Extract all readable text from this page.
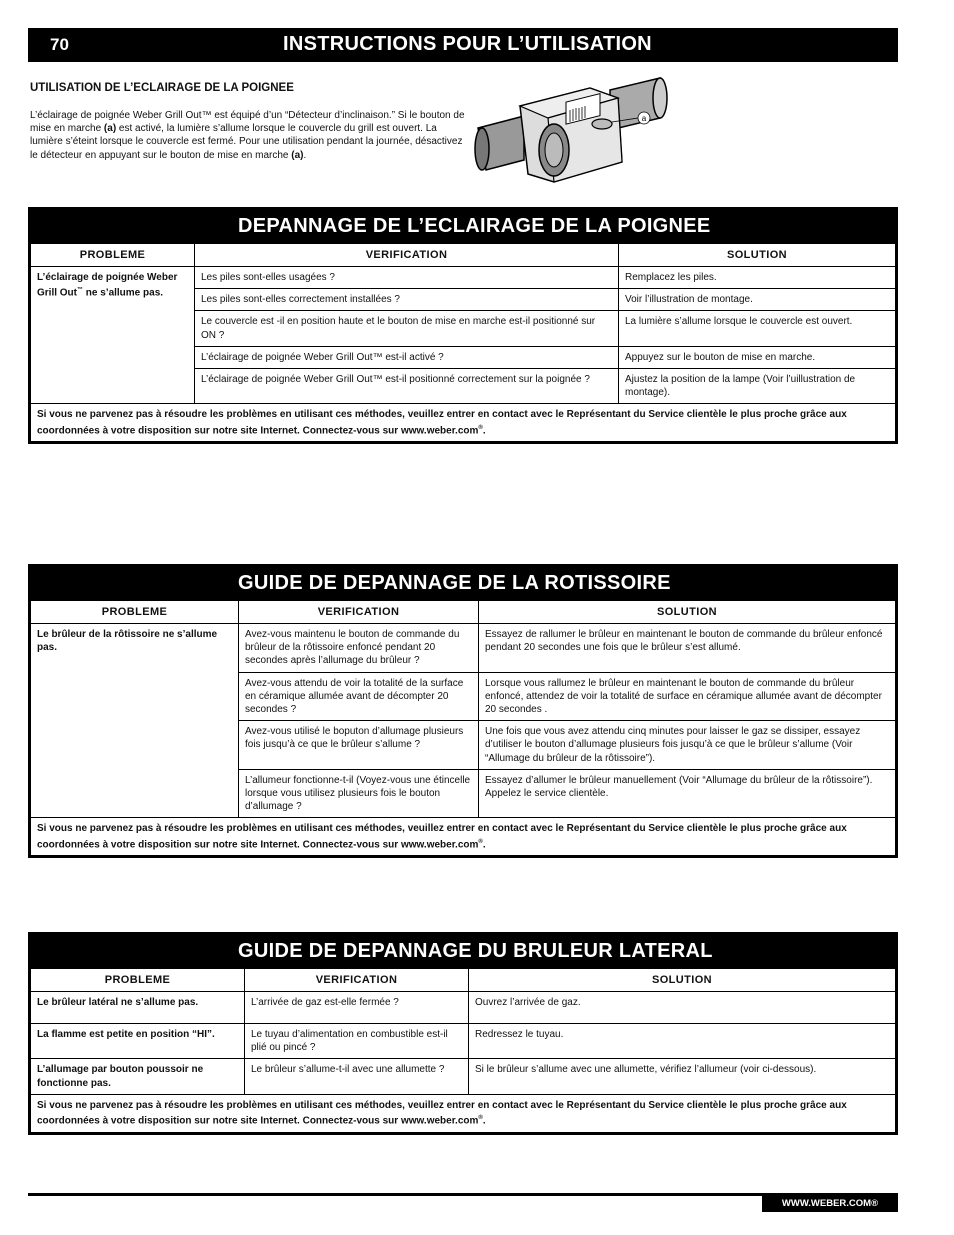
70	INSTRUCTIONS POUR L’UTILISATION
UTILISATION DE L’ECLAIRAGE DE LA POIGNEE
L’éclairage de poignée Weber Grill Out™ est équipé d’un “Détecteur d’inclinaison.” Si le bouton de mise en marche (a) est activé, la lumière s’allume lorsque le couvercle du grill est ouvert. La lumière s’éteint lorsque le couvercle est fermé. Pour une utilisation pendant la journée, désactivez le détecteur en appuyant sur le bouton de mise en marche (a).
a
DEPANNAGE DE L’ECLAIRAGE DE LA POIGNEE
PROBLEME	VERIFICATION	SOLUTION
L’éclairage de poignée Weber Grill Out™ ne s’allume pas.	Les piles sont-elles usagées ?	Remplacez les piles.
	Les piles sont-elles correctement installées ?	Voir l’illustration de montage.
	Le couvercle est -il en position haute et le bouton de mise en marche est-il positionné sur ON ?	La lumière s’allume lorsque le couvercle est ouvert.
	L’éclairage de poignée Weber Grill Out™ est-il activé ?	Appuyez sur le bouton de mise en marche.
	L’éclairage de poignée Weber Grill Out™ est-il positionné correctement sur la poignée ?	Ajustez la position de la lampe (Voir l’uillustration de montage).
Si vous ne parvenez pas à résoudre les problèmes en utilisant ces méthodes, veuillez entrer en contact avec le Représentant du Service clientèle le plus proche grâce aux coordonnées à votre disposition sur notre site Internet. Connectez-vous sur www.weber.com®.		
GUIDE DE DEPANNAGE DE LA ROTISSOIRE
PROBLEME	VERIFICATION	SOLUTION
Le brûleur de la rôtissoire ne s’allume pas.	Avez-vous maintenu le bouton de commande du brûleur de la rôtissoire enfoncé pendant 20 secondes après l’allumage du brûleur ?	Essayez de rallumer le brûleur en maintenant le bouton de commande du brûleur enfoncé pendant 20 secondes une fois que le brûleur s’est allumé.
	Avez-vous attendu de voir la totalité de la surface en céramique allumée avant de décompter 20 secondes ?	Lorsque vous rallumez le brûleur en maintenant le bouton de commande du brûleur enfoncé, attendez de voir la totalité de surface en céramique allumée avant de décompter 20 secondes .
	Avez-vous utilisé le boputon d’allumage plusieurs fois jusqu’à ce que le brûleur s’allume ?	Une fois que vous avez attendu cinq minutes pour laisser le gaz se dissiper, essayez d’utiliser le bouton d’allumage plusieurs fois jusqu’à ce que le brûleur s’allume (Voir “Allumage du brûleur de la rôtissoire”).
	L’allumeur fonctionne-t-il (Voyez-vous une étincelle lorsque vous utilisez plusieurs fois le bouton d’allumage ?	Essayez d’allumer le brûleur manuellement (Voir “Allumage du brûleur de la rôtissoire”). Appelez le service clientèle.
Si vous ne parvenez pas à résoudre les problèmes en utilisant ces méthodes, veuillez entrer en contact avec le Représentant du Service clientèle le plus proche grâce aux coordonnées à votre disposition sur notre site Internet. Connectez-vous sur www.weber.com®.		
GUIDE DE DEPANNAGE DU BRULEUR LATERAL
PROBLEME	VERIFICATION	SOLUTION
Le brûleur latéral ne s’allume pas.	L’arrivée de gaz est-elle fermée ?	Ouvrez l’arrivée de gaz.
La flamme est petite en position “HI”.	Le tuyau d’alimentation en combustible est-il plié ou pincé ?	Redressez le tuyau.
L’allumage par bouton poussoir ne fonctionne pas.	Le brûleur s’allume-t-il avec une allumette ?	Si le brûleur s’allume avec une allumette, vérifiez l’allumeur (voir ci-dessous).
Si vous ne parvenez pas à résoudre les problèmes en utilisant ces méthodes, veuillez entrer en contact avec le Représentant du Service clientèle le plus proche grâce aux coordonnées à votre disposition sur notre site Internet. Connectez-vous sur www.weber.com®.		
WWW.WEBER.COM®
